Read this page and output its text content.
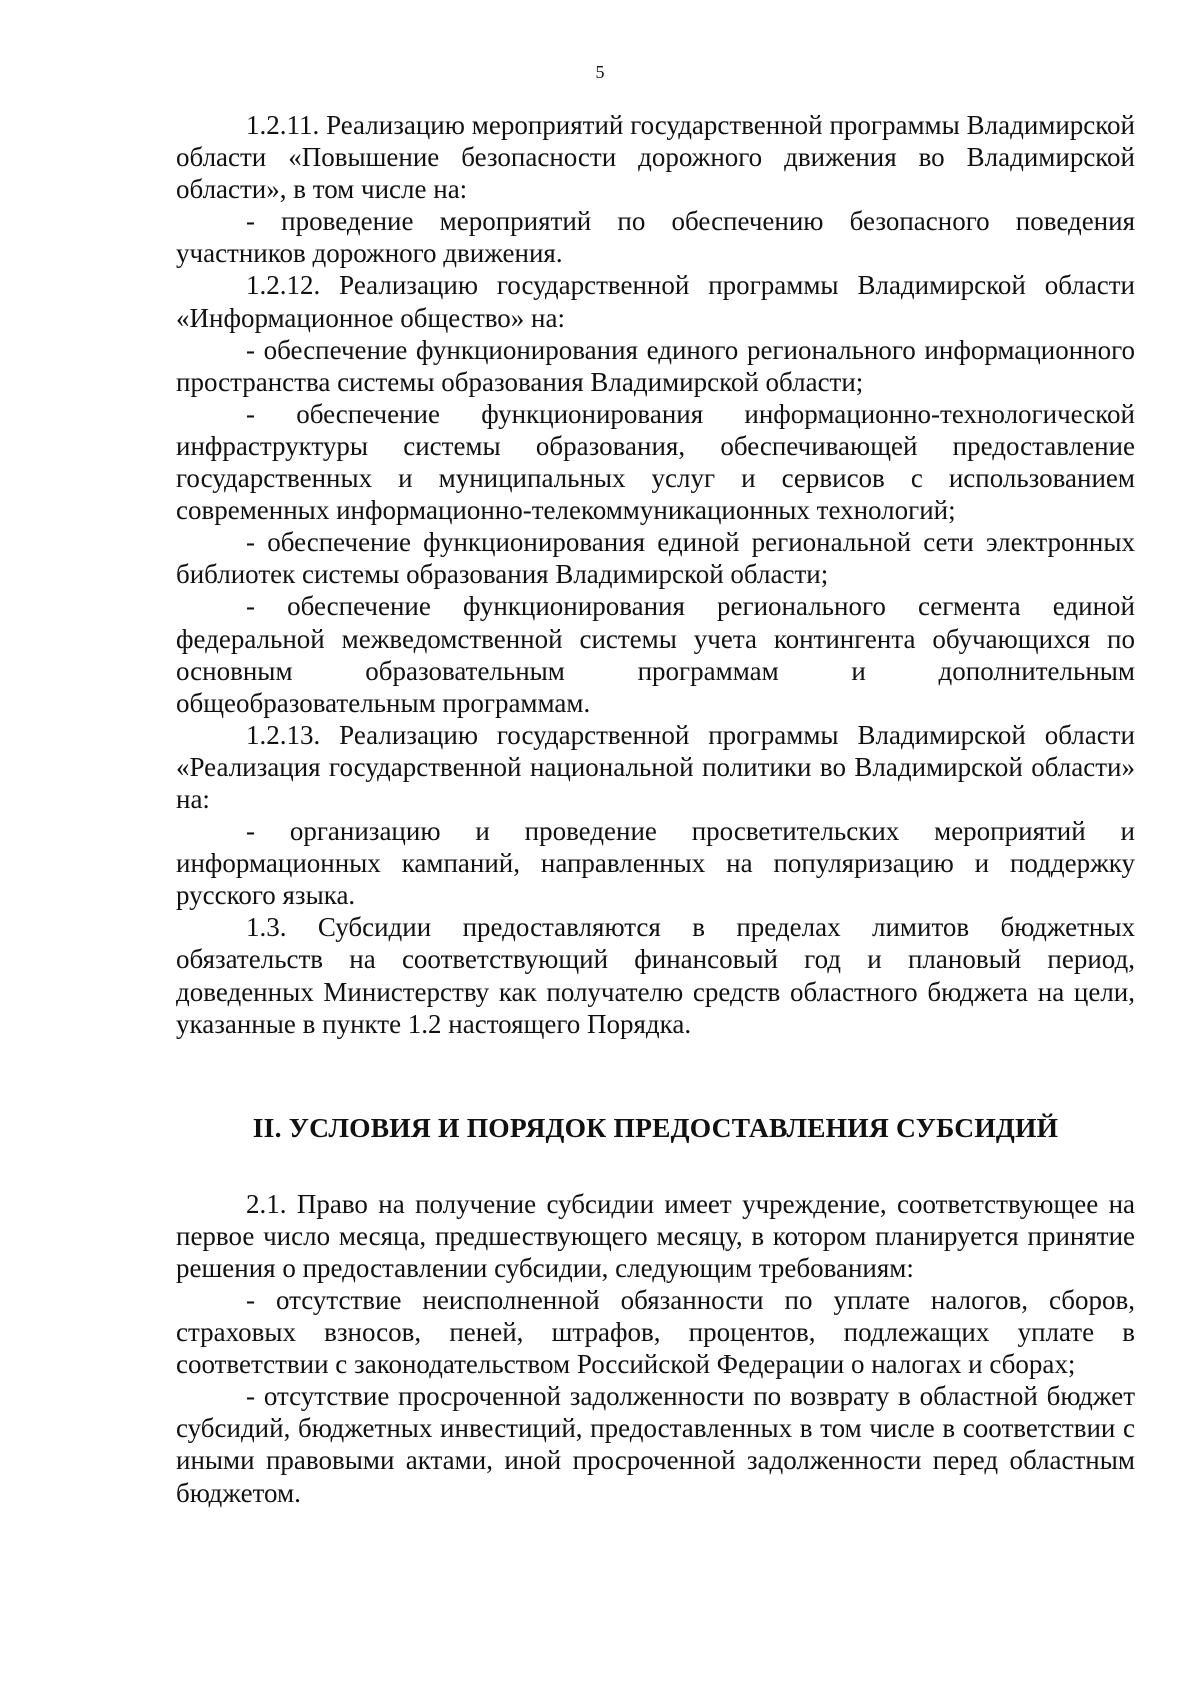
5

1.2.11. Реализацию мероприятий государственной программы Владимирской области «Повышение безопасности дорожного движения во Владимирской области», в том числе на:

- проведение мероприятий по обеспечению безопасного поведения участников дорожного движения.

1.2.12. Реализацию государственной программы Владимирской области «Информационное общество» на:

- обеспечение функционирования единого регионального информационного пространства системы образования Владимирской области;

- обеспечение функционирования информационно-технологической инфраструктуры системы образования, обеспечивающей предоставление государственных и муниципальных услуг и сервисов с использованием современных информационно-телекоммуникационных технологий;

- обеспечение функционирования единой региональной сети электронных библиотек системы образования Владимирской области;

- обеспечение функционирования регионального сегмента единой федеральной межведомственной системы учета контингента обучающихся по основным образовательным программам и дополнительным общеобразовательным программам.

1.2.13. Реализацию государственной программы Владимирской области «Реализация государственной национальной политики во Владимирской области» на:

- организацию и проведение просветительских мероприятий и информационных кампаний, направленных на популяризацию и поддержку русского языка.

1.3. Субсидии предоставляются в пределах лимитов бюджетных обязательств на соответствующий финансовый год и плановый период, доведенных Министерству как получателю средств областного бюджета на цели, указанные в пункте 1.2 настоящего Порядка.

II. УСЛОВИЯ И ПОРЯДОК ПРЕДОСТАВЛЕНИЯ СУБСИДИЙ

2.1. Право на получение субсидии имеет учреждение, соответствующее на первое число месяца, предшествующего месяцу, в котором планируется принятие решения о предоставлении субсидии, следующим требованиям:

- отсутствие неисполненной обязанности по уплате налогов, сборов, страховых взносов, пеней, штрафов, процентов, подлежащих уплате в соответствии с законодательством Российской Федерации о налогах и сборах;

- отсутствие просроченной задолженности по возврату в областной бюджет субсидий, бюджетных инвестиций, предоставленных в том числе в соответствии с иными правовыми актами, иной просроченной задолженности перед областным бюджетом.
